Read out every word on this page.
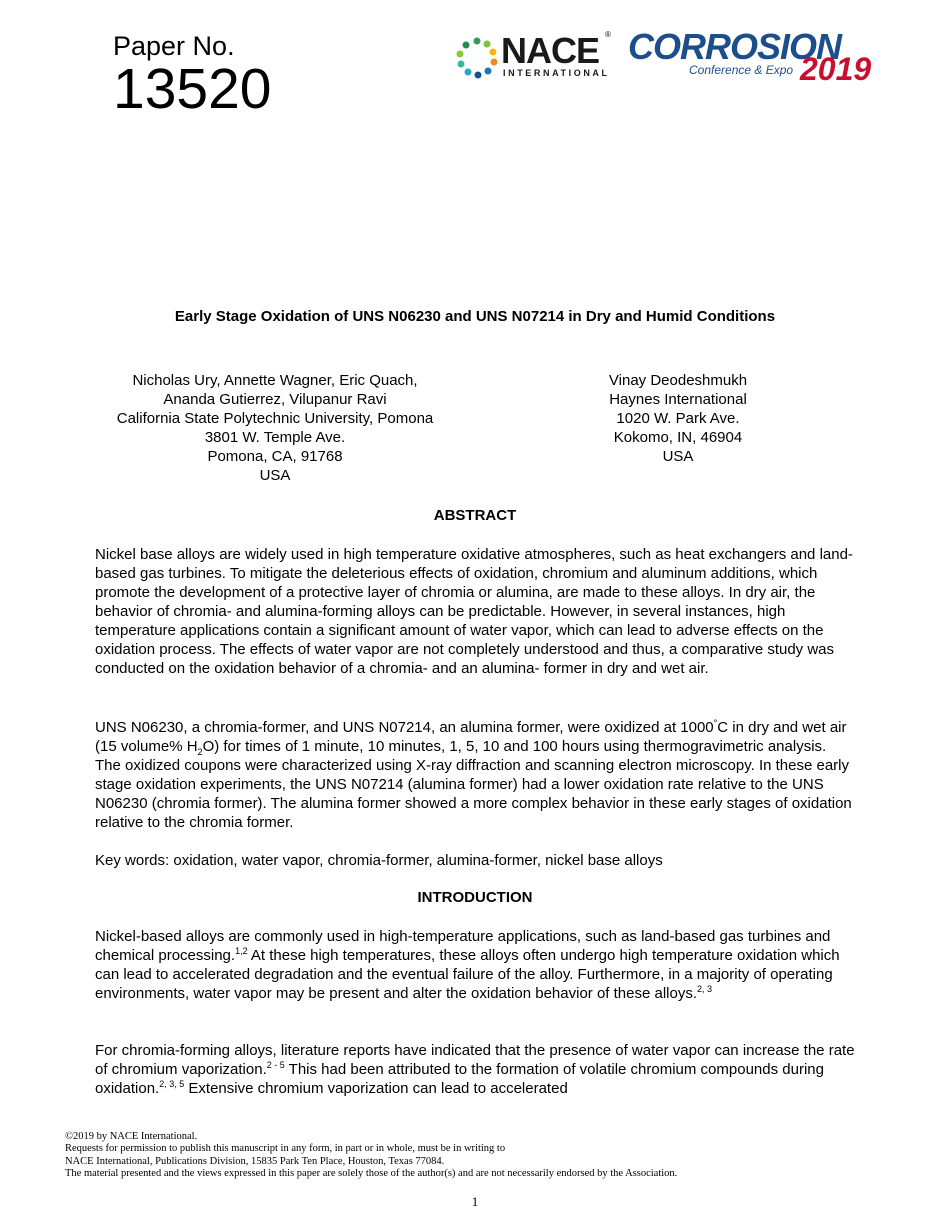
Paper No.
13520
NACE ®
INTERNATIONAL
CORROSION
Conference & Expo 2019
Early Stage Oxidation of UNS N06230 and UNS N07214 in Dry and Humid Conditions
Nicholas Ury, Annette Wagner, Eric Quach,
Ananda Gutierrez, Vilupanur Ravi
California State Polytechnic University, Pomona
3801 W. Temple Ave.
Pomona, CA, 91768
USA
Vinay Deodeshmukh
Haynes International
1020 W. Park Ave.
Kokomo, IN, 46904
USA
ABSTRACT
Nickel base alloys are widely used in high temperature oxidative atmospheres, such as heat exchangers and land-based gas turbines. To mitigate the deleterious effects of oxidation, chromium and aluminum additions, which promote the development of a protective layer of chromia or alumina, are made to these alloys. In dry air, the behavior of chromia- and alumina-forming alloys can be predictable. However, in several instances, high temperature applications contain a significant amount of water vapor, which can lead to adverse effects on the oxidation process. The effects of water vapor are not completely understood and thus, a comparative study was conducted on the oxidation behavior of a chromia- and an alumina- former in dry and wet air.
UNS N06230, a chromia-former, and UNS N07214, an alumina former, were oxidized at 1000°C in dry and wet air (15 volume% $H_2O$) for times of 1 minute, 10 minutes, 1, 5, 10 and 100 hours using thermogravimetric analysis. The oxidized coupons were characterized using X-ray diffraction and scanning electron microscopy. In these early stage oxidation experiments, the UNS N07214 (alumina former) had a lower oxidation rate relative to the UNS N06230 (chromia former). The alumina former showed a more complex behavior in these early stages of oxidation relative to the chromia former.
Key words: oxidation, water vapor, chromia-former, alumina-former, nickel base alloys
INTRODUCTION
Nickel-based alloys are commonly used in high-temperature applications, such as land-based gas turbines and chemical processing.$^{1,2}$ At these high temperatures, these alloys often undergo high temperature oxidation which can lead to accelerated degradation and the eventual failure of the alloy. Furthermore, in a majority of operating environments, water vapor may be present and alter the oxidation behavior of these alloys.$^{2, 3}$
For chromia-forming alloys, literature reports have indicated that the presence of water vapor can increase the rate of chromium vaporization.$^{2 - 5}$ This had been attributed to the formation of volatile chromium compounds during oxidation.$^{2, 3, 5}$ Extensive chromium vaporization can lead to accelerated
©2019 by NACE International.
Requests for permission to publish this manuscript in any form, in part or in whole, must be in writing to
NACE International, Publications Division, 15835 Park Ten Place, Houston, Texas 77084.
The material presented and the views expressed in this paper are solely those of the author(s) and are not necessarily endorsed by the Association.
1
